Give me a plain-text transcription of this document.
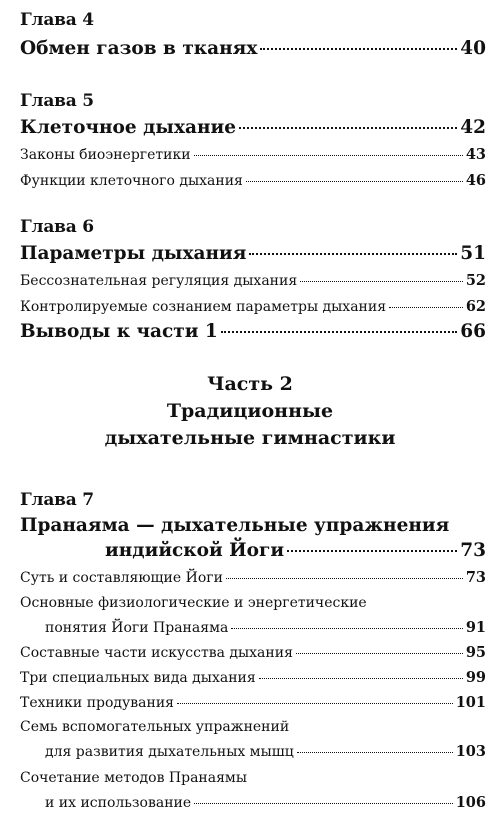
Глава 4
Обмен газов в тканях	40
Глава 5
Клеточное дыхание	42
Законы биоэнергетики	43
Функции клеточного дыхания	46
Глава 6
Параметры дыхания	51
Бессознательная регуляция дыхания	52
Контролируемые сознанием параметры дыхания	62
Выводы к части 1	66
Часть 2
Традиционные
дыхательные гимнастики
Глава 7
Пранаяма — дыхательные упражнения
индийской Йоги	73
Суть и составляющие Йоги	73
Основные физиологические и энергетические
понятия Йоги Пранаяма	91
Составные части искусства дыхания	95
Три специальных вида дыхания	99
Техники продувания	101
Семь вспомогательных упражнений
для развития дыхательных мышц	103
Сочетание методов Пранаямы
и их использование	106
